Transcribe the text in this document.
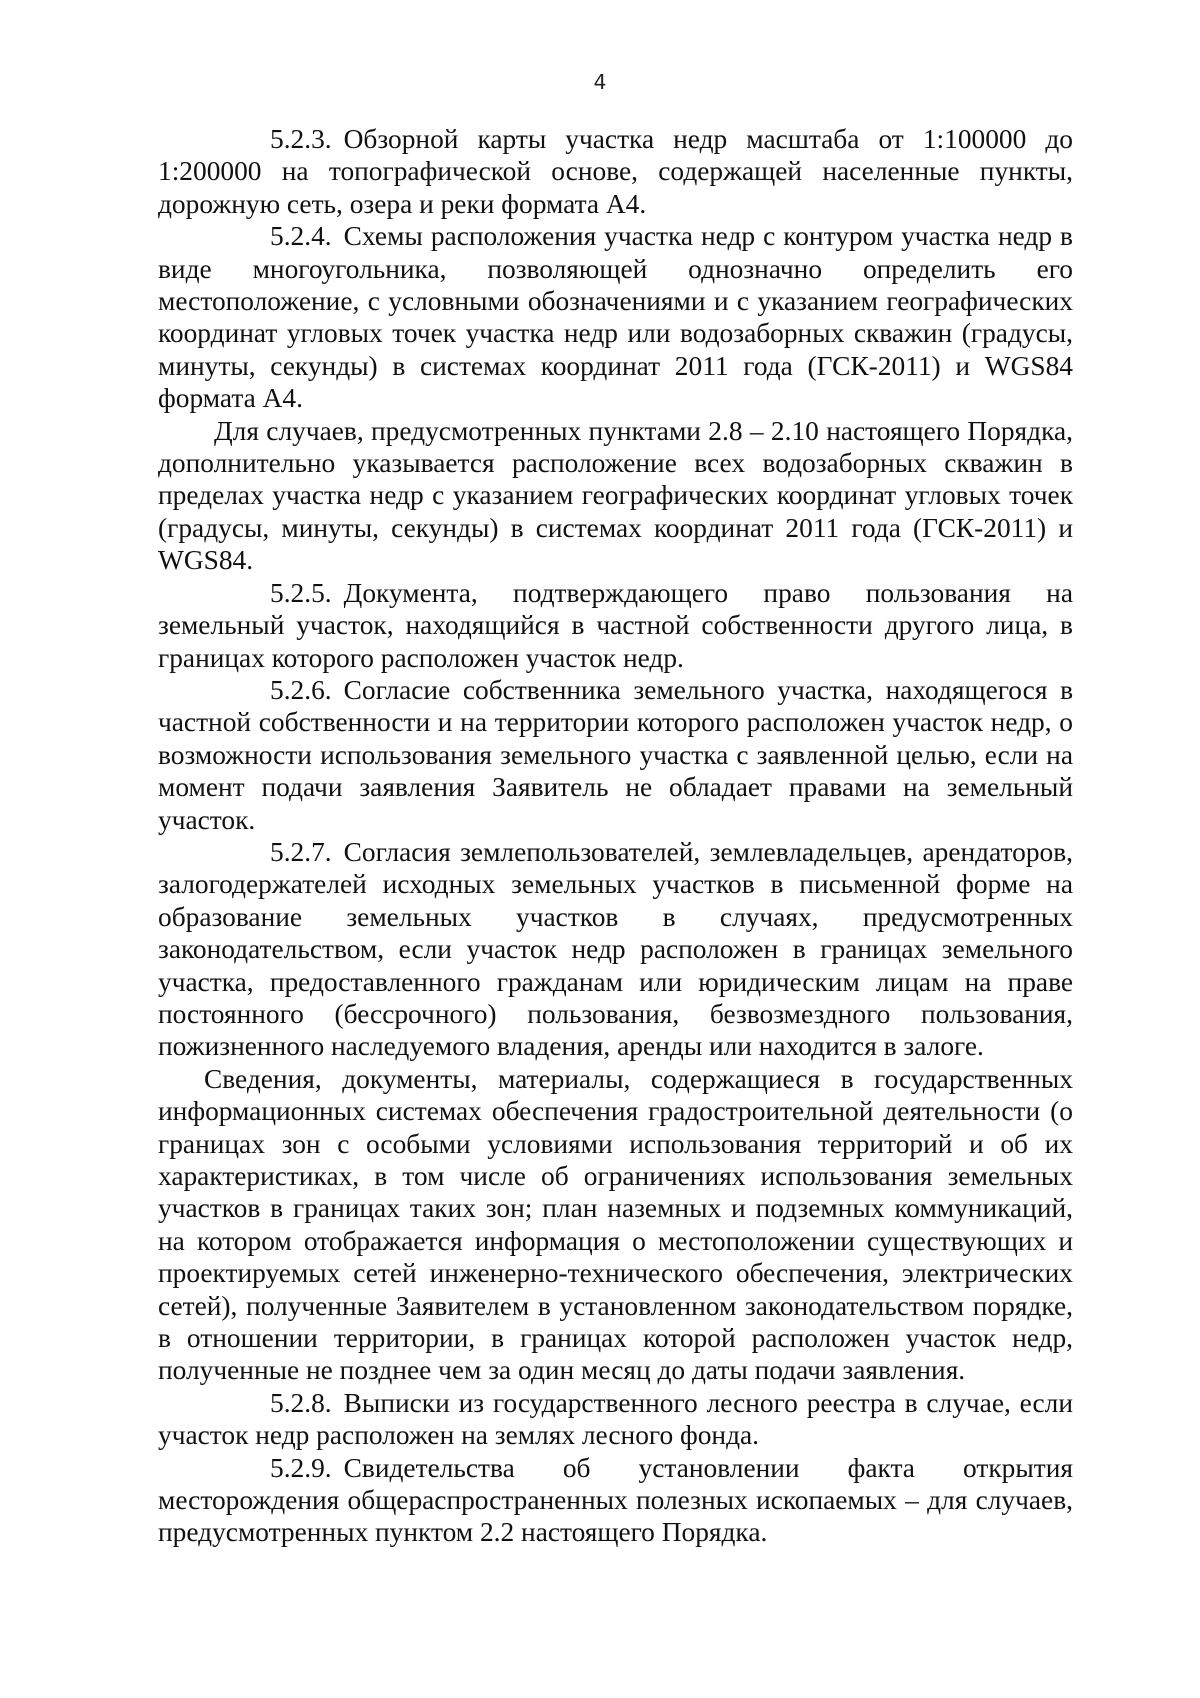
4

5.2.3. Обзорной карты участка недр масштаба от 1:100000 до 1:200000 на топографической основе, содержащей населенные пункты, дорожную сеть, озера и реки формата А4.

5.2.4. Схемы расположения участка недр с контуром участка недр в виде многоугольника, позволяющей однозначно определить его местоположение, с условными обозначениями и с указанием географических координат угловых точек участка недр или водозаборных скважин (градусы, минуты, секунды) в системах координат 2011 года (ГСК-2011) и WGS84 формата А4.

Для случаев, предусмотренных пунктами 2.8 – 2.10 настоящего Порядка, дополнительно указывается расположение всех водозаборных скважин в пределах участка недр с указанием географических координат угловых точек (градусы, минуты, секунды) в системах координат 2011 года (ГСК-2011) и WGS84.

5.2.5. Документа, подтверждающего право пользования на земельный участок, находящийся в частной собственности другого лица, в границах которого расположен участок недр.

5.2.6. Согласие собственника земельного участка, находящегося в частной собственности и на территории которого расположен участок недр, о возможности использования земельного участка с заявленной целью, если на момент подачи заявления Заявитель не обладает правами на земельный участок.

5.2.7. Согласия землепользователей, землевладельцев, арендаторов, залогодержателей исходных земельных участков в письменной форме на образование земельных участков в случаях, предусмотренных законодательством, если участок недр расположен в границах земельного участка, предоставленного гражданам или юридическим лицам на праве постоянного (бессрочного) пользования, безвозмездного пользования, пожизненного наследуемого владения, аренды или находится в залоге.

Сведения, документы, материалы, содержащиеся в государственных информационных системах обеспечения градостроительной деятельности (о границах зон с особыми условиями использования территорий и об их характеристиках, в том числе об ограничениях использования земельных участков в границах таких зон; план наземных и подземных коммуникаций, на котором отображается информация о местоположении существующих и проектируемых сетей инженерно-технического обеспечения, электрических сетей), полученные Заявителем в установленном законодательством порядке, в отношении территории, в границах которой расположен участок недр, полученные не позднее чем за один месяц до даты подачи заявления.

5.2.8. Выписки из государственного лесного реестра в случае, если участок недр расположен на землях лесного фонда.

5.2.9. Свидетельства об установлении факта открытия месторождения общераспространенных полезных ископаемых – для случаев, предусмотренных пунктом 2.2 настоящего Порядка.
